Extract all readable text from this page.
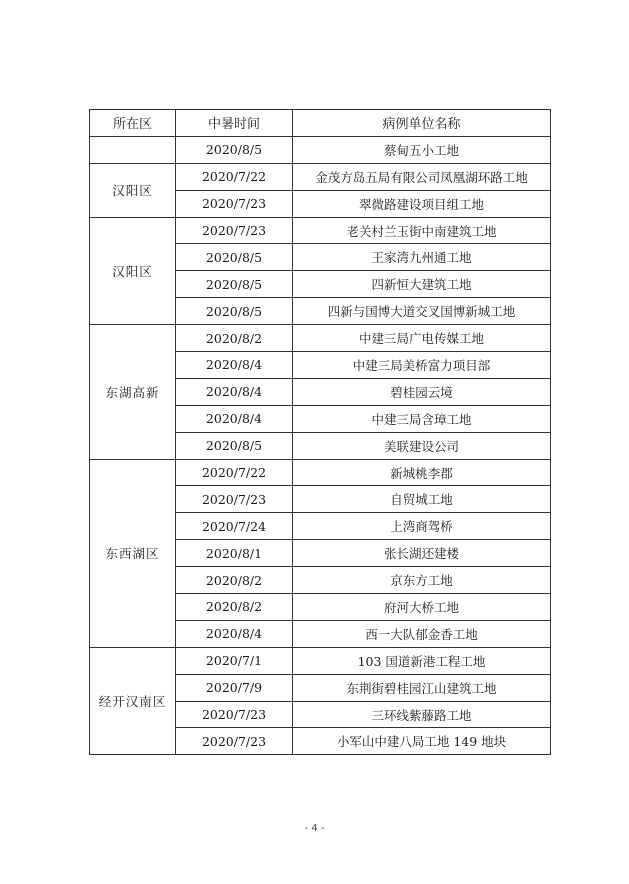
所在区	中暑时间	病例单位名称
	2020/8/5	蔡甸五小工地
汉阳区	2020/7/22	金茂方岛五局有限公司凤凰湖环路工地
	2020/7/23	翠微路建设项目组工地
汉阳区	2020/7/23	老关村兰玉街中南建筑工地
	2020/8/5	王家湾九州通工地
	2020/8/5	四新恒大建筑工地
	2020/8/5	四新与国博大道交叉国博新城工地
东湖高新	2020/8/2	中建三局广电传媒工地
	2020/8/4	中建三局美桥富力项目部
	2020/8/4	碧桂园云境
	2020/8/4	中建三局含璋工地
	2020/8/5	美联建设公司
东西湖区	2020/7/22	新城桃李郡
	2020/7/23	自贸城工地
	2020/7/24	上湾商驾桥
	2020/8/1	张长湖还建楼
	2020/8/2	京东方工地
	2020/8/2	府河大桥工地
	2020/8/4	西一大队郁金香工地
经开汉南区	2020/7/1	103 国道新港工程工地
	2020/7/9	东荆街碧桂园江山建筑工地
	2020/7/23	三环线紫藤路工地
	2020/7/23	小军山中建八局工地 149 地块
- 4 -
